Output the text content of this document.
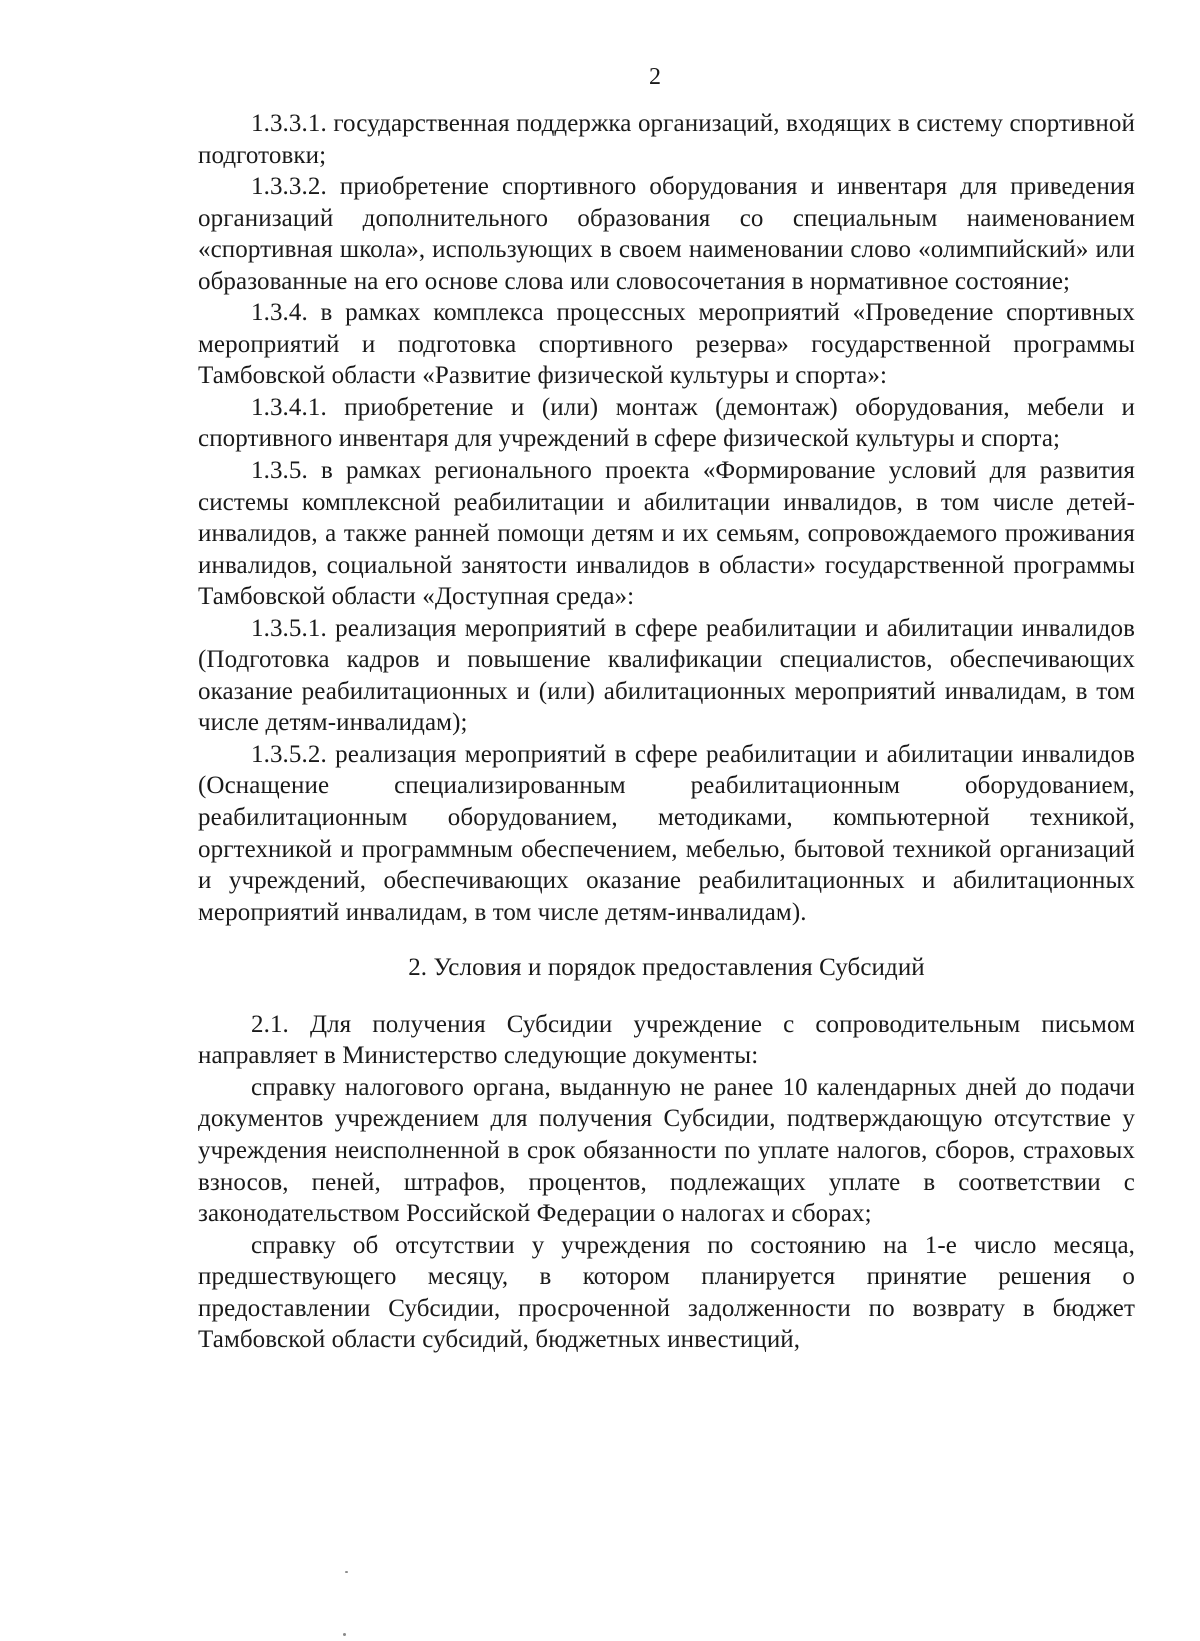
2

1.3.3.1. государственная поддержка организаций, входящих в систему спортивной подготовки;

1.3.3.2. приобретение спортивного оборудования и инвентаря для приведения организаций дополнительного образования со специальным наименованием «спортивная школа», использующих в своем наименовании слово «олимпийский» или образованные на его основе слова или словосочетания в нормативное состояние;

1.3.4. в рамках комплекса процессных мероприятий «Проведение спортивных мероприятий и подготовка спортивного резерва» государственной программы Тамбовской области «Развитие физической культуры и спорта»:

1.3.4.1. приобретение и (или) монтаж (демонтаж) оборудования, мебели и спортивного инвентаря для учреждений в сфере физической культуры и спорта;

1.3.5. в рамках регионального проекта «Формирование условий для развития системы комплексной реабилитации и абилитации инвалидов, в том числе детей-инвалидов, а также ранней помощи детям и их семьям, сопровождаемого проживания инвалидов, социальной занятости инвалидов в области» государственной программы Тамбовской области «Доступная среда»:

1.3.5.1. реализация мероприятий в сфере реабилитации и абилитации инвалидов (Подготовка кадров и повышение квалификации специалистов, обеспечивающих оказание реабилитационных и (или) абилитационных мероприятий инвалидам, в том числе детям-инвалидам);

1.3.5.2. реализация мероприятий в сфере реабилитации и абилитации инвалидов (Оснащение специализированным реабилитационным оборудованием, реабилитационным оборудованием, методиками, компьютерной техникой, оргтехникой и программным обеспечением, мебелью, бытовой техникой организаций и учреждений, обеспечивающих оказание реабилитационных и абилитационных мероприятий инвалидам, в том числе детям-инвалидам).

2. Условия и порядок предоставления Субсидий

2.1. Для получения Субсидии учреждение с сопроводительным письмом направляет в Министерство следующие документы:

справку налогового органа, выданную не ранее 10 календарных дней до подачи документов учреждением для получения Субсидии, подтверждающую отсутствие у учреждения неисполненной в срок обязанности по уплате налогов, сборов, страховых взносов, пеней, штрафов, процентов, подлежащих уплате в соответствии с законодательством Российской Федерации о налогах и сборах;

справку об отсутствии у учреждения по состоянию на 1-е число месяца, предшествующего месяцу, в котором планируется принятие решения о предоставлении Субсидии, просроченной задолженности по возврату в бюджет Тамбовской области субсидий, бюджетных инвестиций,
